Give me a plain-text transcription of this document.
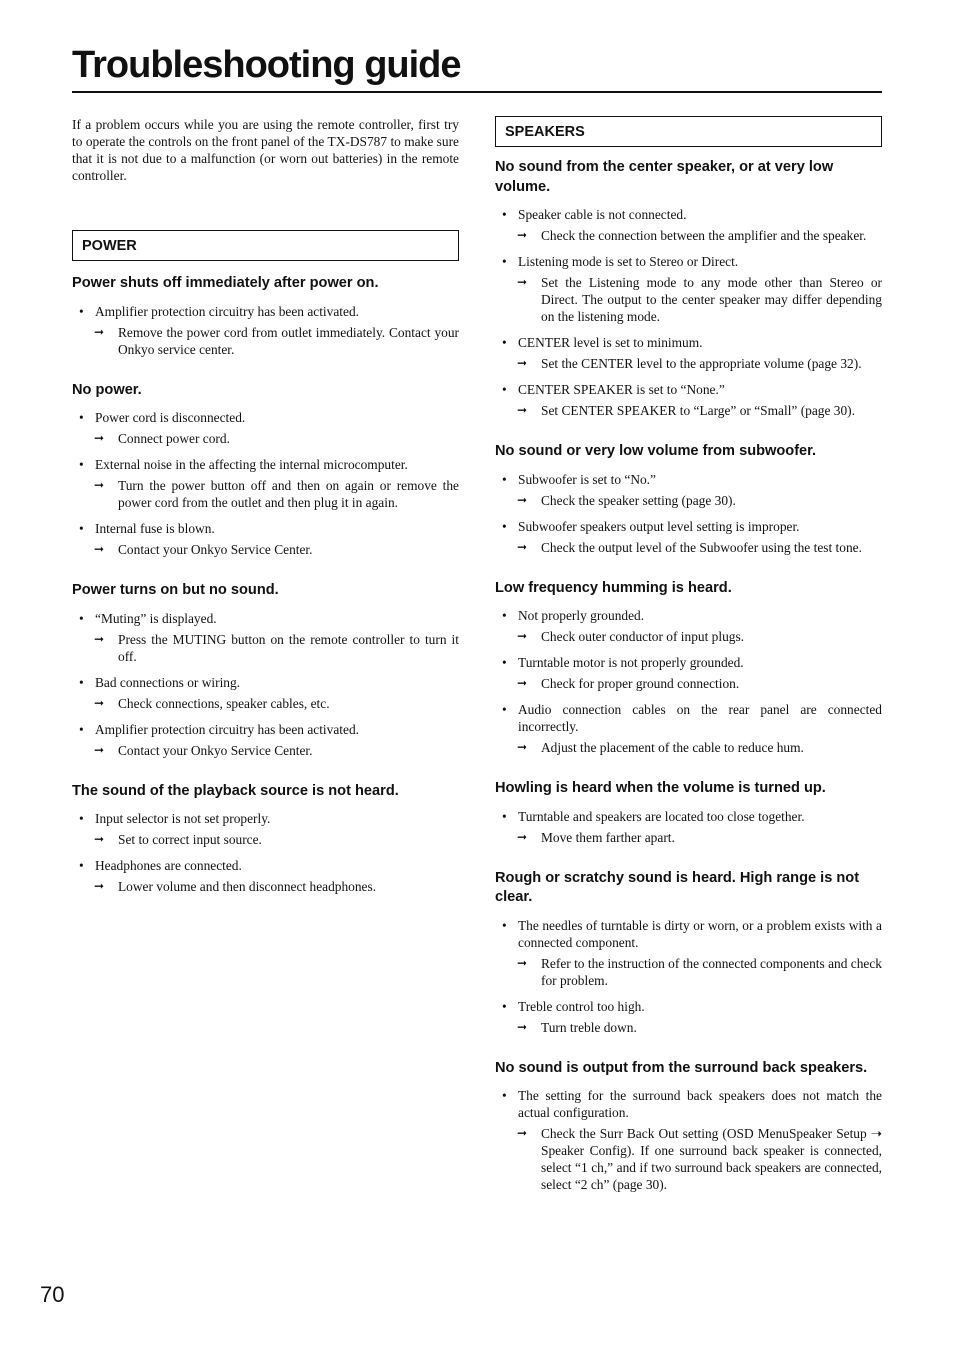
Troubleshooting guide

If a problem occurs while you are using the remote controller, first try to operate the controls on the front panel of the TX-DS787 to make sure that it is not due to a malfunction (or worn out batteries) in the remote controller.

POWER
Power shuts off immediately after power on.
• Amplifier protection circuitry has been activated.
➞ Remove the power cord from outlet immediately. Contact your Onkyo service center.
No power.
• Power cord is disconnected.
➞ Connect power cord.
• External noise in the affecting the internal microcomputer.
➞ Turn the power button off and then on again or remove the power cord from the outlet and then plug it in again.
• Internal fuse is blown.
➞ Contact your Onkyo Service Center.
Power turns on but no sound.
• “Muting” is displayed.
➞ Press the MUTING button on the remote controller to turn it off.
• Bad connections or wiring.
➞ Check connections, speaker cables, etc.
• Amplifier protection circuitry has been activated.
➞ Contact your Onkyo Service Center.
The sound of the playback source is not heard.
• Input selector is not set properly.
➞ Set to correct input source.
• Headphones are connected.
➞ Lower volume and then disconnect headphones.
SPEAKERS
No sound from the center speaker, or at very low volume.
• Speaker cable is not connected.
➞ Check the connection between the amplifier and the speaker.
• Listening mode is set to Stereo or Direct.
➞ Set the Listening mode to any mode other than Stereo or Direct. The output to the center speaker may differ depending on the listening mode.
• CENTER level is set to minimum.
➞ Set the CENTER level to the appropriate volume (page 32).
• CENTER SPEAKER is set to “None.”
➞ Set CENTER SPEAKER to “Large” or “Small” (page 30).
No sound or very low volume from subwoofer.
• Subwoofer is set to “No.”
➞ Check the speaker setting (page 30).
• Subwoofer speakers output level setting is improper.
➞ Check the output level of the Subwoofer using the test tone.
Low frequency humming is heard.
• Not properly grounded.
➞ Check outer conductor of input plugs.
• Turntable motor is not properly grounded.
➞ Check for proper ground connection.
• Audio connection cables on the rear panel are connected incorrectly.
➞ Adjust the placement of the cable to reduce hum.
Howling is heard when the volume is turned up.
• Turntable and speakers are located too close together.
➞ Move them farther apart.
Rough or scratchy sound is heard. High range is not clear.
• The needles of turntable is dirty or worn, or a problem exists with a connected component.
➞ Refer to the instruction of the connected components and check for problem.
• Treble control too high.
➞ Turn treble down.
No sound is output from the surround back speakers.
• The setting for the surround back speakers does not match the actual configuration.
➞ Check the Surr Back Out setting (OSD MenuSpeaker Setup ➝ Speaker Config). If one surround back speaker is connected, select “1 ch,” and if two surround back speakers are connected, select “2 ch” (page 30).
70
